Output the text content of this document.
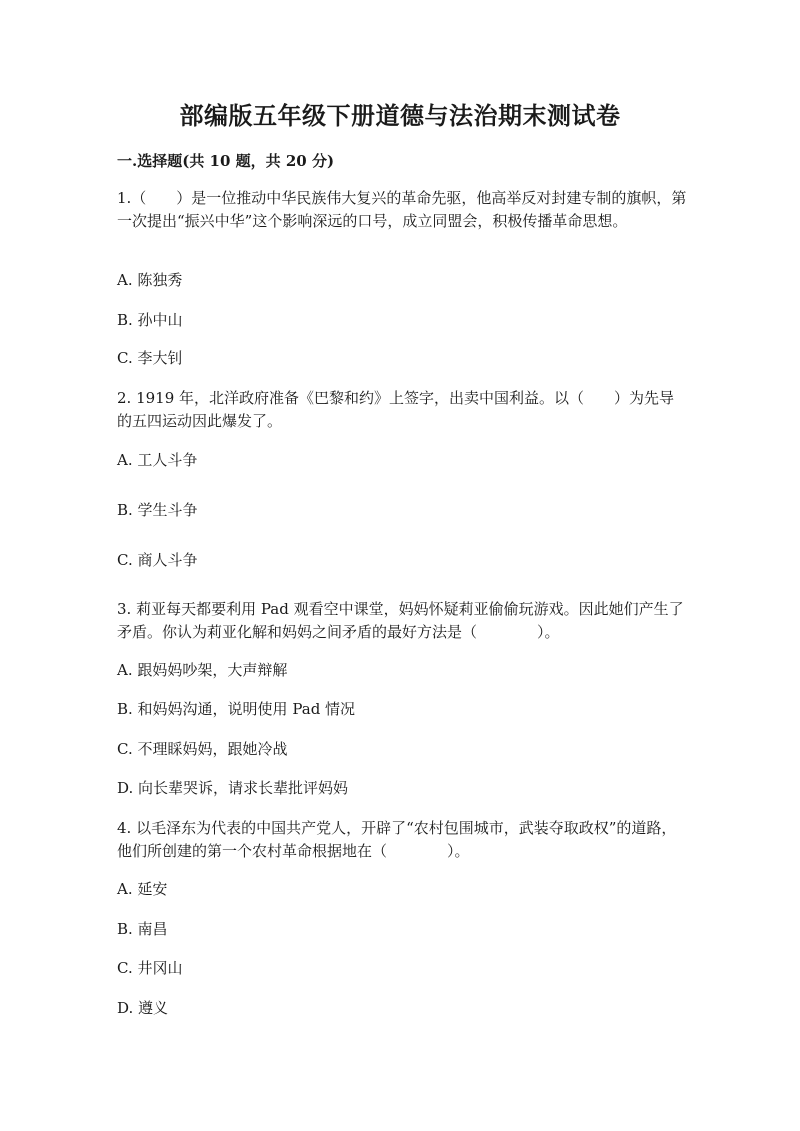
部编版五年级下册道德与法治期末测试卷
一.选择题(共 10 题，共 20 分)
1.（　　）是一位推动中华民族伟大复兴的革命先驱，他高举反对封建专制的旗帜，第一次提出“振兴中华”这个影响深远的口号，成立同盟会，积极传播革命思想。
A. 陈独秀
B. 孙中山
C. 李大钊
2. 1919 年，北洋政府准备《巴黎和约》上签字，出卖中国利益。以（　　）为先导的五四运动因此爆发了。
A. 工人斗争
B. 学生斗争
C. 商人斗争
3. 莉亚每天都要利用 Pad 观看空中课堂，妈妈怀疑莉亚偷偷玩游戏。因此她们产生了矛盾。你认为莉亚化解和妈妈之间矛盾的最好方法是（　　　　）。
A. 跟妈妈吵架，大声辩解
B. 和妈妈沟通，说明使用 Pad 情况
C. 不理睬妈妈，跟她冷战
D. 向长辈哭诉，请求长辈批评妈妈
4. 以毛泽东为代表的中国共产党人，开辟了“农村包围城市，武装夺取政权”的道路，他们所创建的第一个农村革命根据地在（　　　　）。
A. 延安
B. 南昌
C. 井冈山
D. 遵义
